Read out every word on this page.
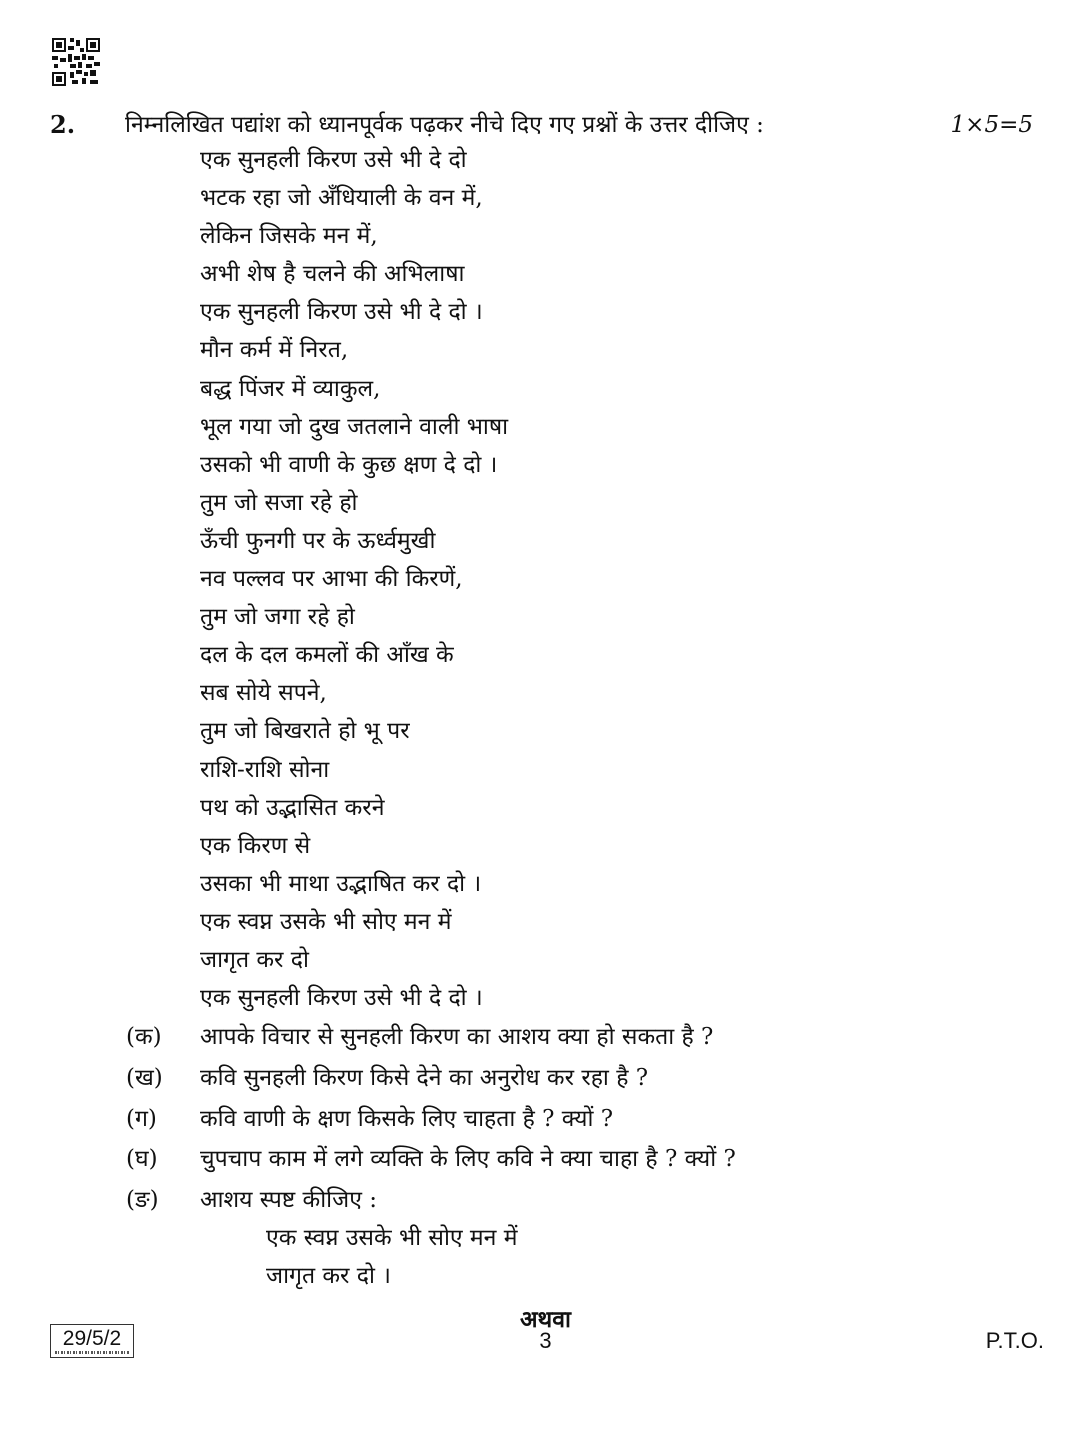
2. निम्नलिखित पद्यांश को ध्यानपूर्वक पढ़कर नीचे दिए गए प्रश्नों के उत्तर दीजिए :	1×5=5
एक सुनहली किरण उसे भी दे दो
भटक रहा जो अँधियाली के वन में,
लेकिन जिसके मन में,
अभी शेष है चलने की अभिलाषा
एक सुनहली किरण उसे भी दे दो ।
मौन कर्म में निरत,
बद्ध पिंजर में व्याकुल,
भूल गया जो दुख जतलाने वाली भाषा
उसको भी वाणी के कुछ क्षण दे दो ।
तुम जो सजा रहे हो
ऊँची फुनगी पर के ऊर्ध्वमुखी
नव पल्लव पर आभा की किरणें,
तुम जो जगा रहे हो
दल के दल कमलों की आँख के
सब सोये सपने,
तुम जो बिखराते हो भू पर
राशि-राशि सोना
पथ को उद्भासित करने
एक किरण से
उसका भी माथा उद्भाषित कर दो ।
एक स्वप्न उसके भी सोए मन में
जागृत कर दो
एक सुनहली किरण उसे भी दे दो ।
(क)	आपके विचार से सुनहली किरण का आशय क्या हो सकता है ?
(ख)	कवि सुनहली किरण किसे देने का अनुरोध कर रहा है ?
(ग)	कवि वाणी के क्षण किसके लिए चाहता है ? क्यों ?
(घ)	चुपचाप काम में लगे व्यक्ति के लिए कवि ने क्या चाहा है ? क्यों ?
(ङ)	आशय स्पष्ट कीजिए :
एक स्वप्न उसके भी सोए मन में
जागृत कर दो ।
अथवा
29/5/2	3	P.T.O.
